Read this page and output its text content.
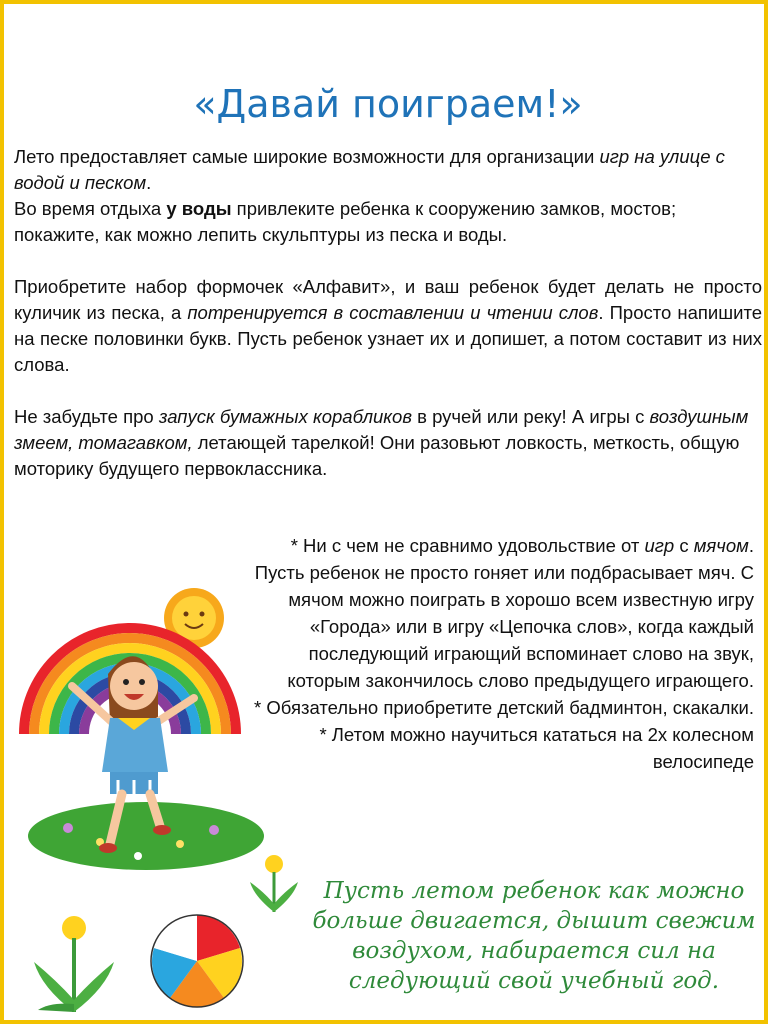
«Давай поиграем!»

Лето предоставляет самые широкие возможности для организации игр на улице с водой и песком.

Во время отдыха у воды привлеките ребенка к сооружению замков, мостов; покажите, как можно лепить скульптуры из песка и воды.

Приобретите набор формочек «Алфавит», и ваш ребенок будет делать не просто куличик из песка, а потренируется в составлении и чтении слов. Просто напишите на песке половинки букв. Пусть ребенок узнает их и допишет, а потом составит из них слова.

Не забудьте про запуск бумажных корабликов в ручей или реку! А игры с воздушным змеем, томагавком, летающей тарелкой! Они разовьют ловкость, меткость, общую моторику будущего первоклассника.

* Ни с чем не сравнимо удовольствие от игр с мячом. Пусть ребенок не просто гоняет или подбрасывает мяч. С мячом можно поиграть в хорошо всем известную игру «Города» или в игру «Цепочка слов», когда каждый последующий играющий вспоминает слово на звук, которым закончилось слово предыдущего играющего.

* Обязательно приобретите детский бадминтон, скакалки.

* Летом можно научиться кататься на 2х колесном велосипеде

Пусть летом ребенок как можно больше двигается, дышит свежим воздухом, набирается сил на следующий свой учебный год.
